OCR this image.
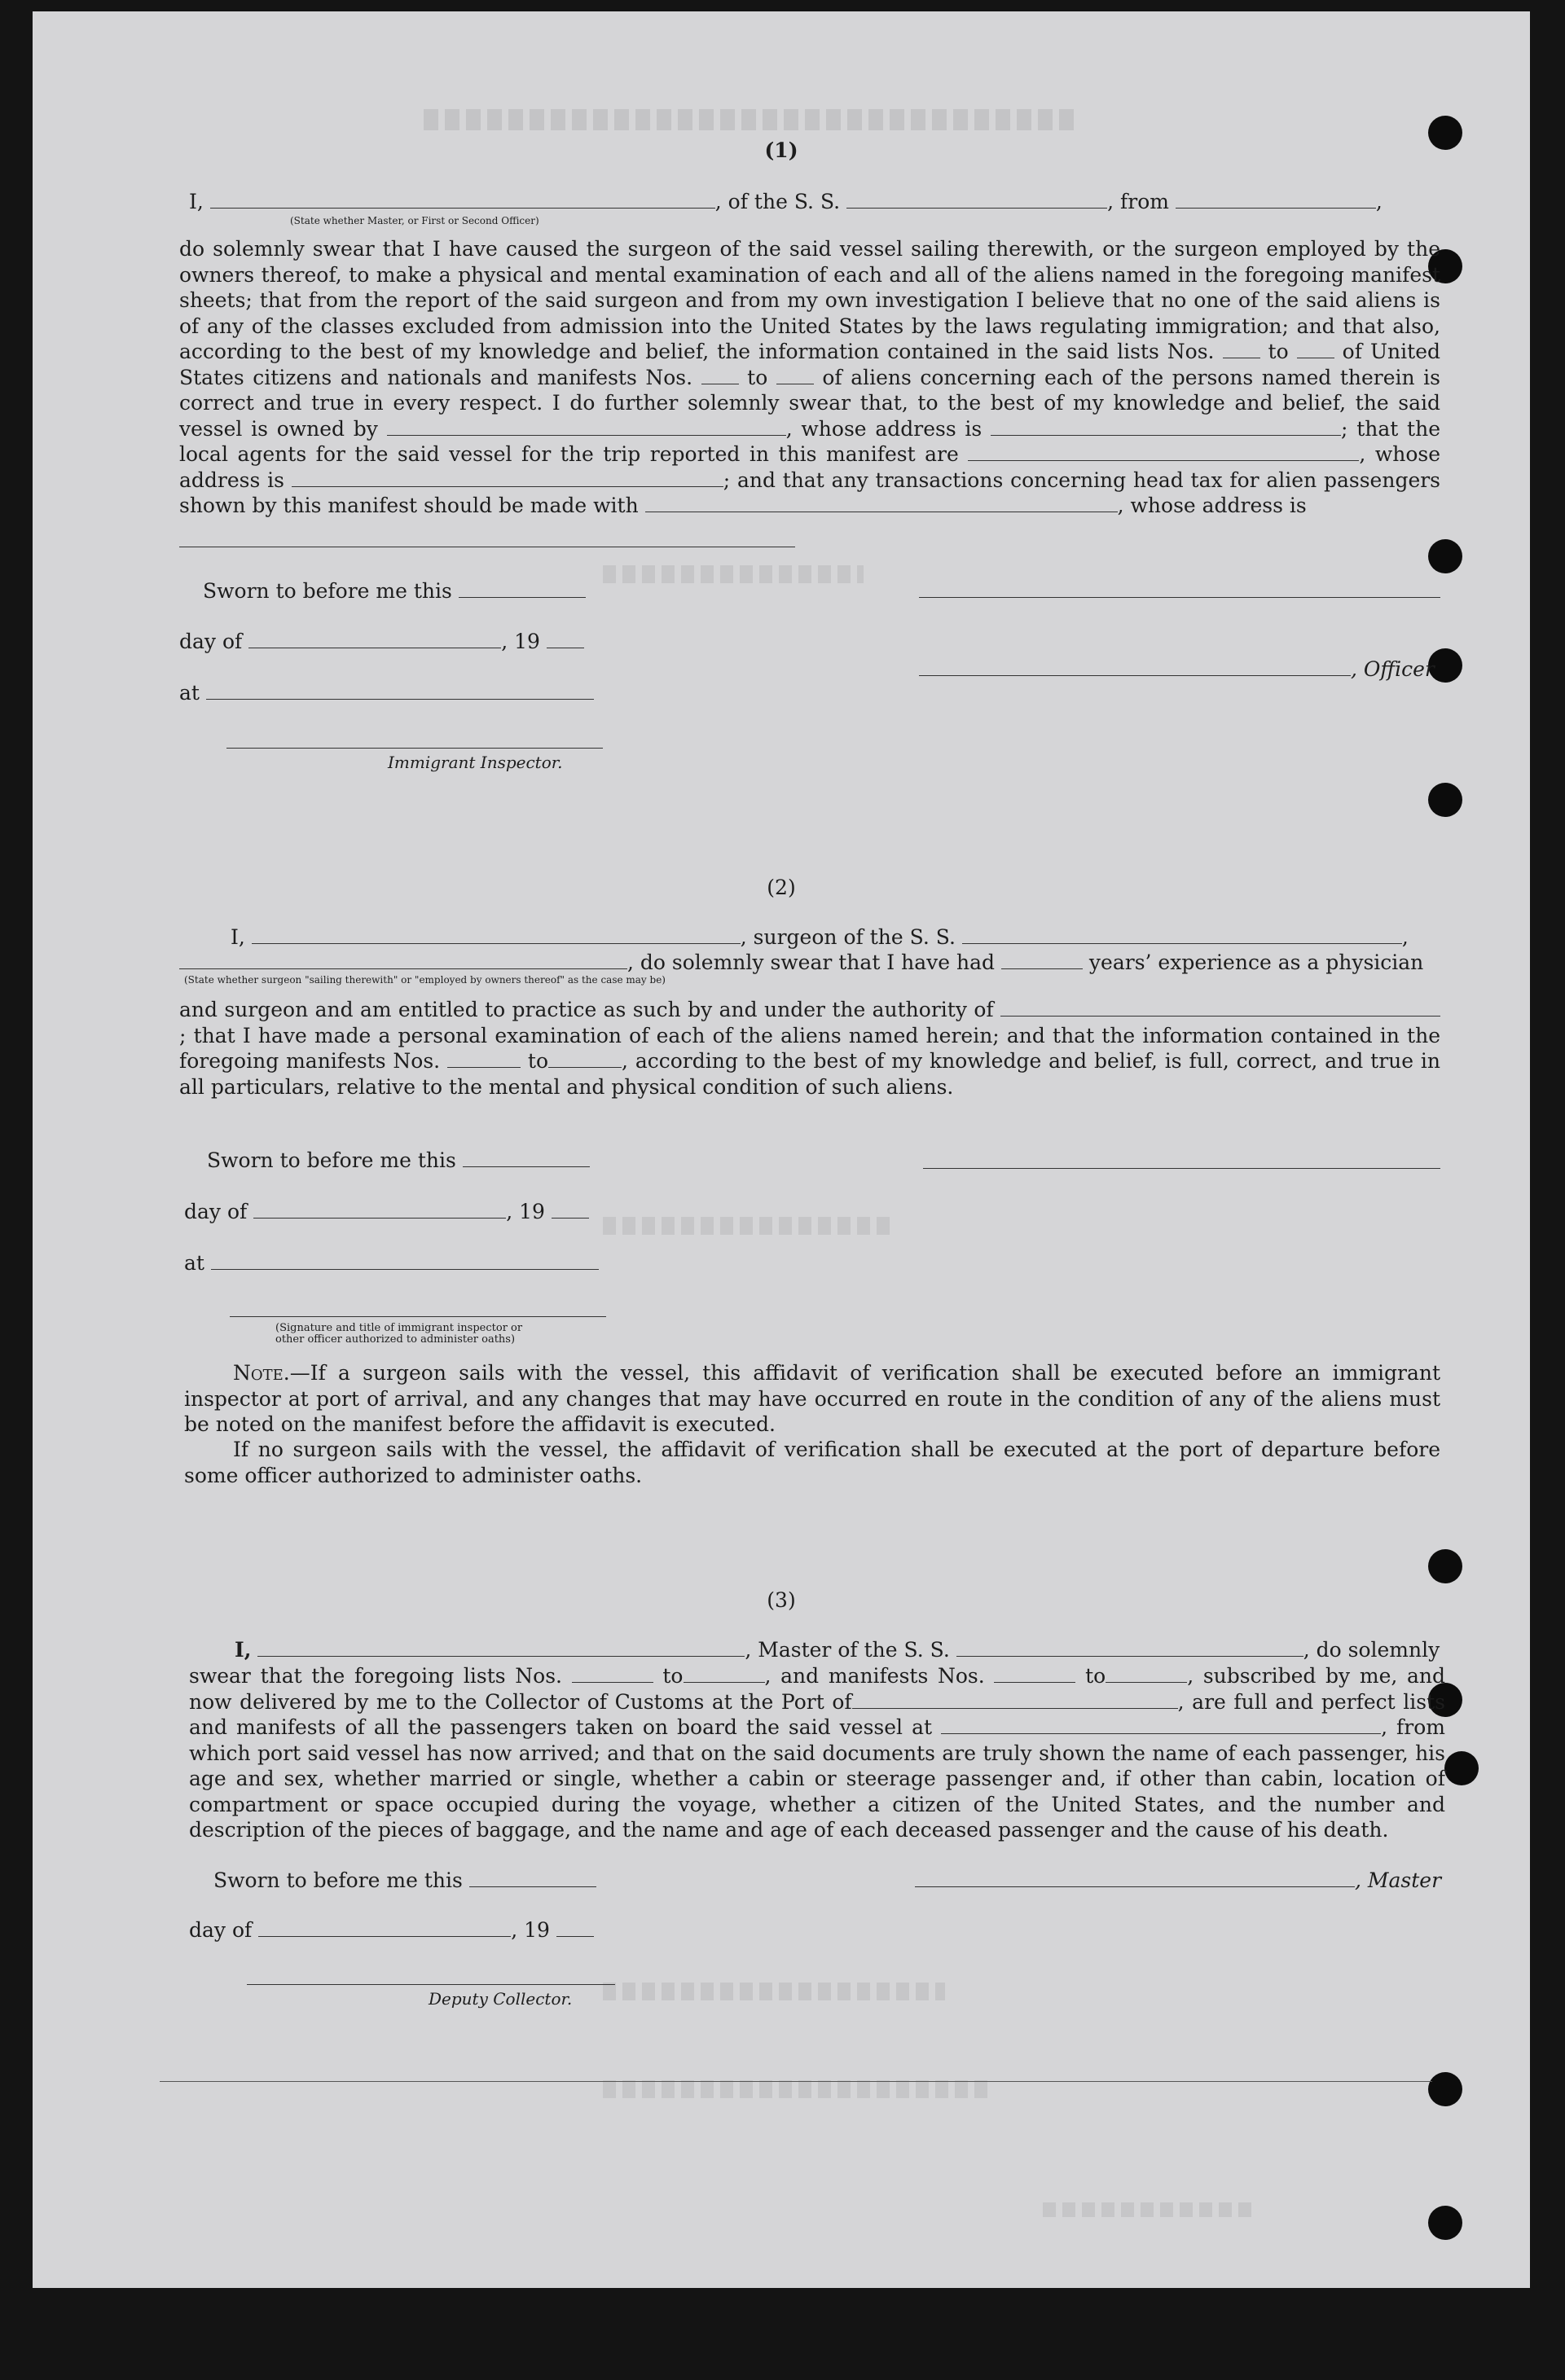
(1)
I,	, of the S. S.	, from	,
(State whether Master, or First or Second Officer)
do solemnly swear that I have caused the surgeon of the said vessel sailing therewith, or the surgeon employed by the owners thereof, to make a physical and mental examination of each and all of the aliens named in the foregoing manifest sheets; that from the report of the said surgeon and from my own investigation I believe that no one of the said aliens is of any of the classes excluded from admission into the United States by the laws regulating immigration; and that also, according to the best of my knowledge and belief, the information contained in the said lists Nos.	to	of United States citizens and nationals and manifests Nos.	to	of aliens concerning each of the persons named therein is correct and true in every respect. I do further solemnly swear that, to the best of my knowledge and belief, the said vessel is owned by	, whose address is	; that the local agents for the said vessel for the trip reported in this manifest are	, whose address is	; and that any transactions concerning head tax for alien passengers shown by this manifest should be made with	, whose address is
Sworn to before me this
day of	, 19
, Officer
at
Immigrant Inspector.
(2)
I,	, surgeon of the S. S.	,
, do solemnly swear that I have had	years’ experience as a physician
(State whether surgeon "sailing therewith" or "employed by owners thereof" as the case may be)
and surgeon and am entitled to practice as such by and under the authority of ; that I have made a personal examination of each of the aliens named herein; and that the information contained in the foregoing manifests Nos.	to	, according to the best of my knowledge and belief, is full, correct, and true in all particulars, relative to the mental and physical condition of such aliens.
Sworn to before me this
day of	, 19
at
(Signature and title of immigrant inspector or
other officer authorized to administer oaths)
Note.—If a surgeon sails with the vessel, this affidavit of verification shall be executed before an immigrant inspector at port of arrival, and any changes that may have occurred en route in the condition of any of the aliens must be noted on the manifest before the affidavit is executed.
If no surgeon sails with the vessel, the affidavit of verification shall be executed at the port of departure before some officer authorized to administer oaths.
(3)
I,	, Master of the S. S.	, do solemnly
swear that the foregoing lists Nos.	to	, and manifests Nos.	to	, subscribed by me, and now delivered by me to the Collector of Customs at the Port of	, are full and perfect lists and manifests of all the passengers taken on board the said vessel at	, from which port said vessel has now arrived; and that on the said documents are truly shown the name of each passenger, his age and sex, whether married or single, whether a cabin or steerage passenger and, if other than cabin, location of compartment or space occupied during the voyage, whether a citizen of the United States, and the number and description of the pieces of baggage, and the name and age of each deceased passenger and the cause of his death.
Sworn to before me this	, Master
day of	, 19
Deputy Collector.
